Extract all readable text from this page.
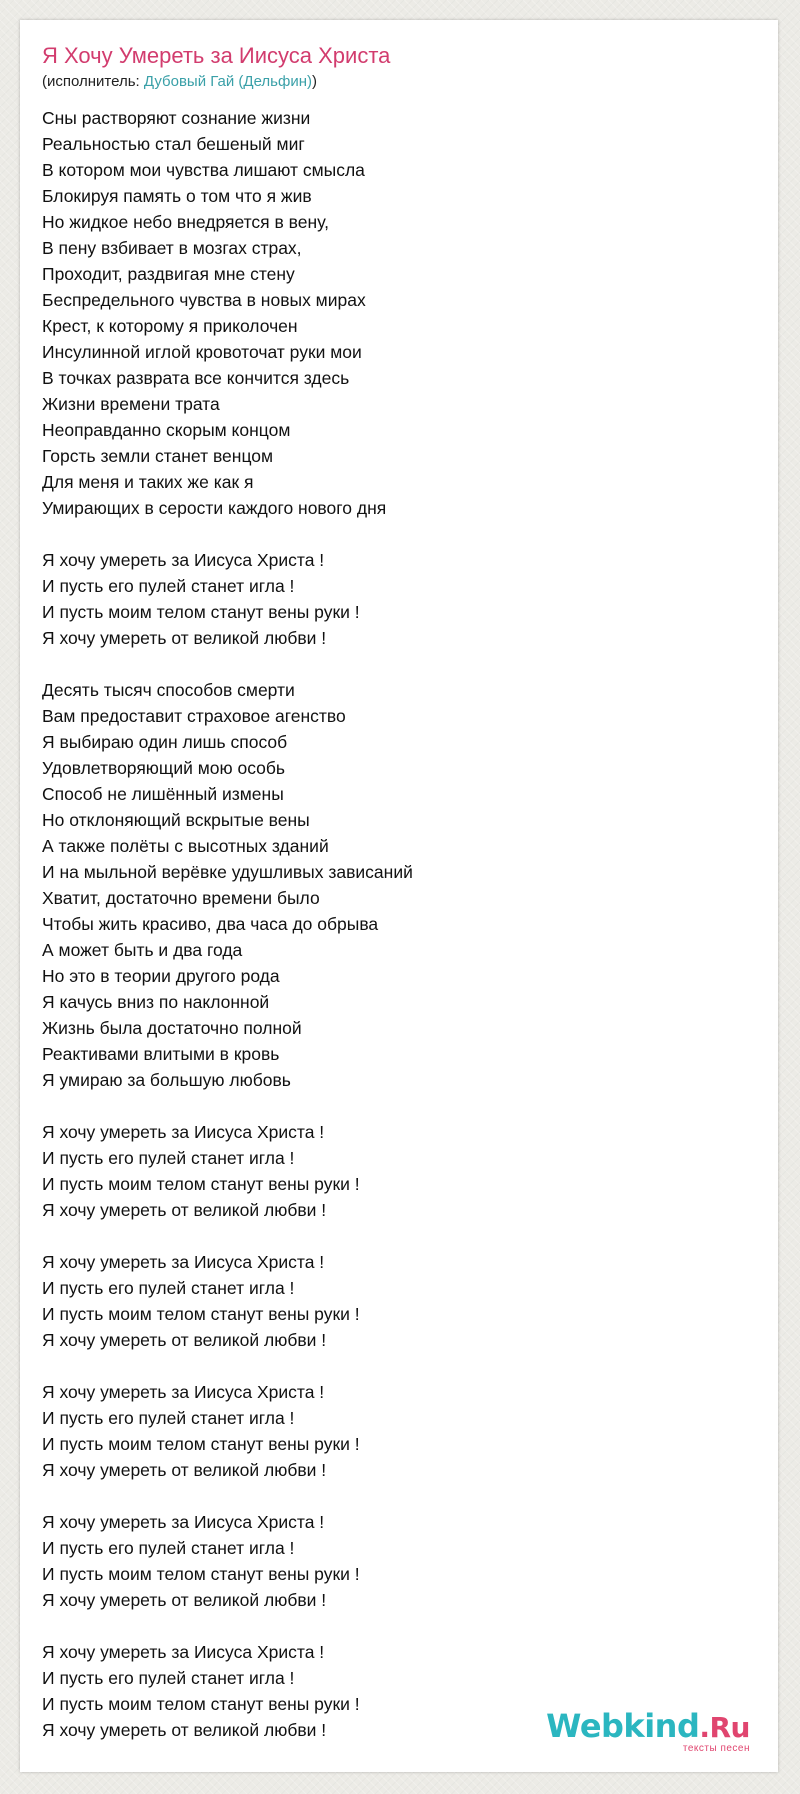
Я Хочу Умереть за Иисуса Христа
(исполнитель: Дубовый Гай (Дельфин))
Сны растворяют сознание жизни
Реальностью стал бешеный миг
В котором мои чувства лишают смысла
Блокируя память о том что я жив
Но жидкое небо внедряется в вену,
В пену взбивает в мозгах страх,
Проходит, раздвигая мне стену
Беспредельного чувства в новых мирах
Крест, к которому я приколочен
Инсулинной иглой кровоточат руки мои
В точках разврата все кончится здесь
Жизни времени трата
Неоправданно скорым концом
Горсть земли станет венцом
Для меня и таких же как я
Умирающих в серости каждого нового дня
Я хочу умереть за Иисуса Христа !
И пусть его пулей станет игла !
И пусть моим телом станут вены руки !
Я хочу умереть от великой любви !
Десять тысяч способов смерти
Вам предоставит страховое агенство
Я выбираю один лишь способ
Удовлетворяющий мою особь
Способ не лишённый измены
Но отклоняющий вскрытые вены
А также полёты с высотных зданий
И на мыльной верёвке удушливых зависаний
Хватит, достаточно времени было
Чтобы жить красиво, два часа до обрыва
А может быть и два года
Но это в теории другого рода
Я качусь вниз по наклонной
Жизнь была достаточно полной
Реактивами влитыми в кровь
Я умираю за большую любовь
Я хочу умереть за Иисуса Христа !
И пусть его пулей станет игла !
И пусть моим телом станут вены руки !
Я хочу умереть от великой любви !
Я хочу умереть за Иисуса Христа !
И пусть его пулей станет игла !
И пусть моим телом станут вены руки !
Я хочу умереть от великой любви !
Я хочу умереть за Иисуса Христа !
И пусть его пулей станет игла !
И пусть моим телом станут вены руки !
Я хочу умереть от великой любви !
Я хочу умереть за Иисуса Христа !
И пусть его пулей станет игла !
И пусть моим телом станут вены руки !
Я хочу умереть от великой любви !
Я хочу умереть за Иисуса Христа !
И пусть его пулей станет игла !
И пусть моим телом станут вены руки !
Я хочу умереть от великой любви !	Webkind.Ru
тексты песен
